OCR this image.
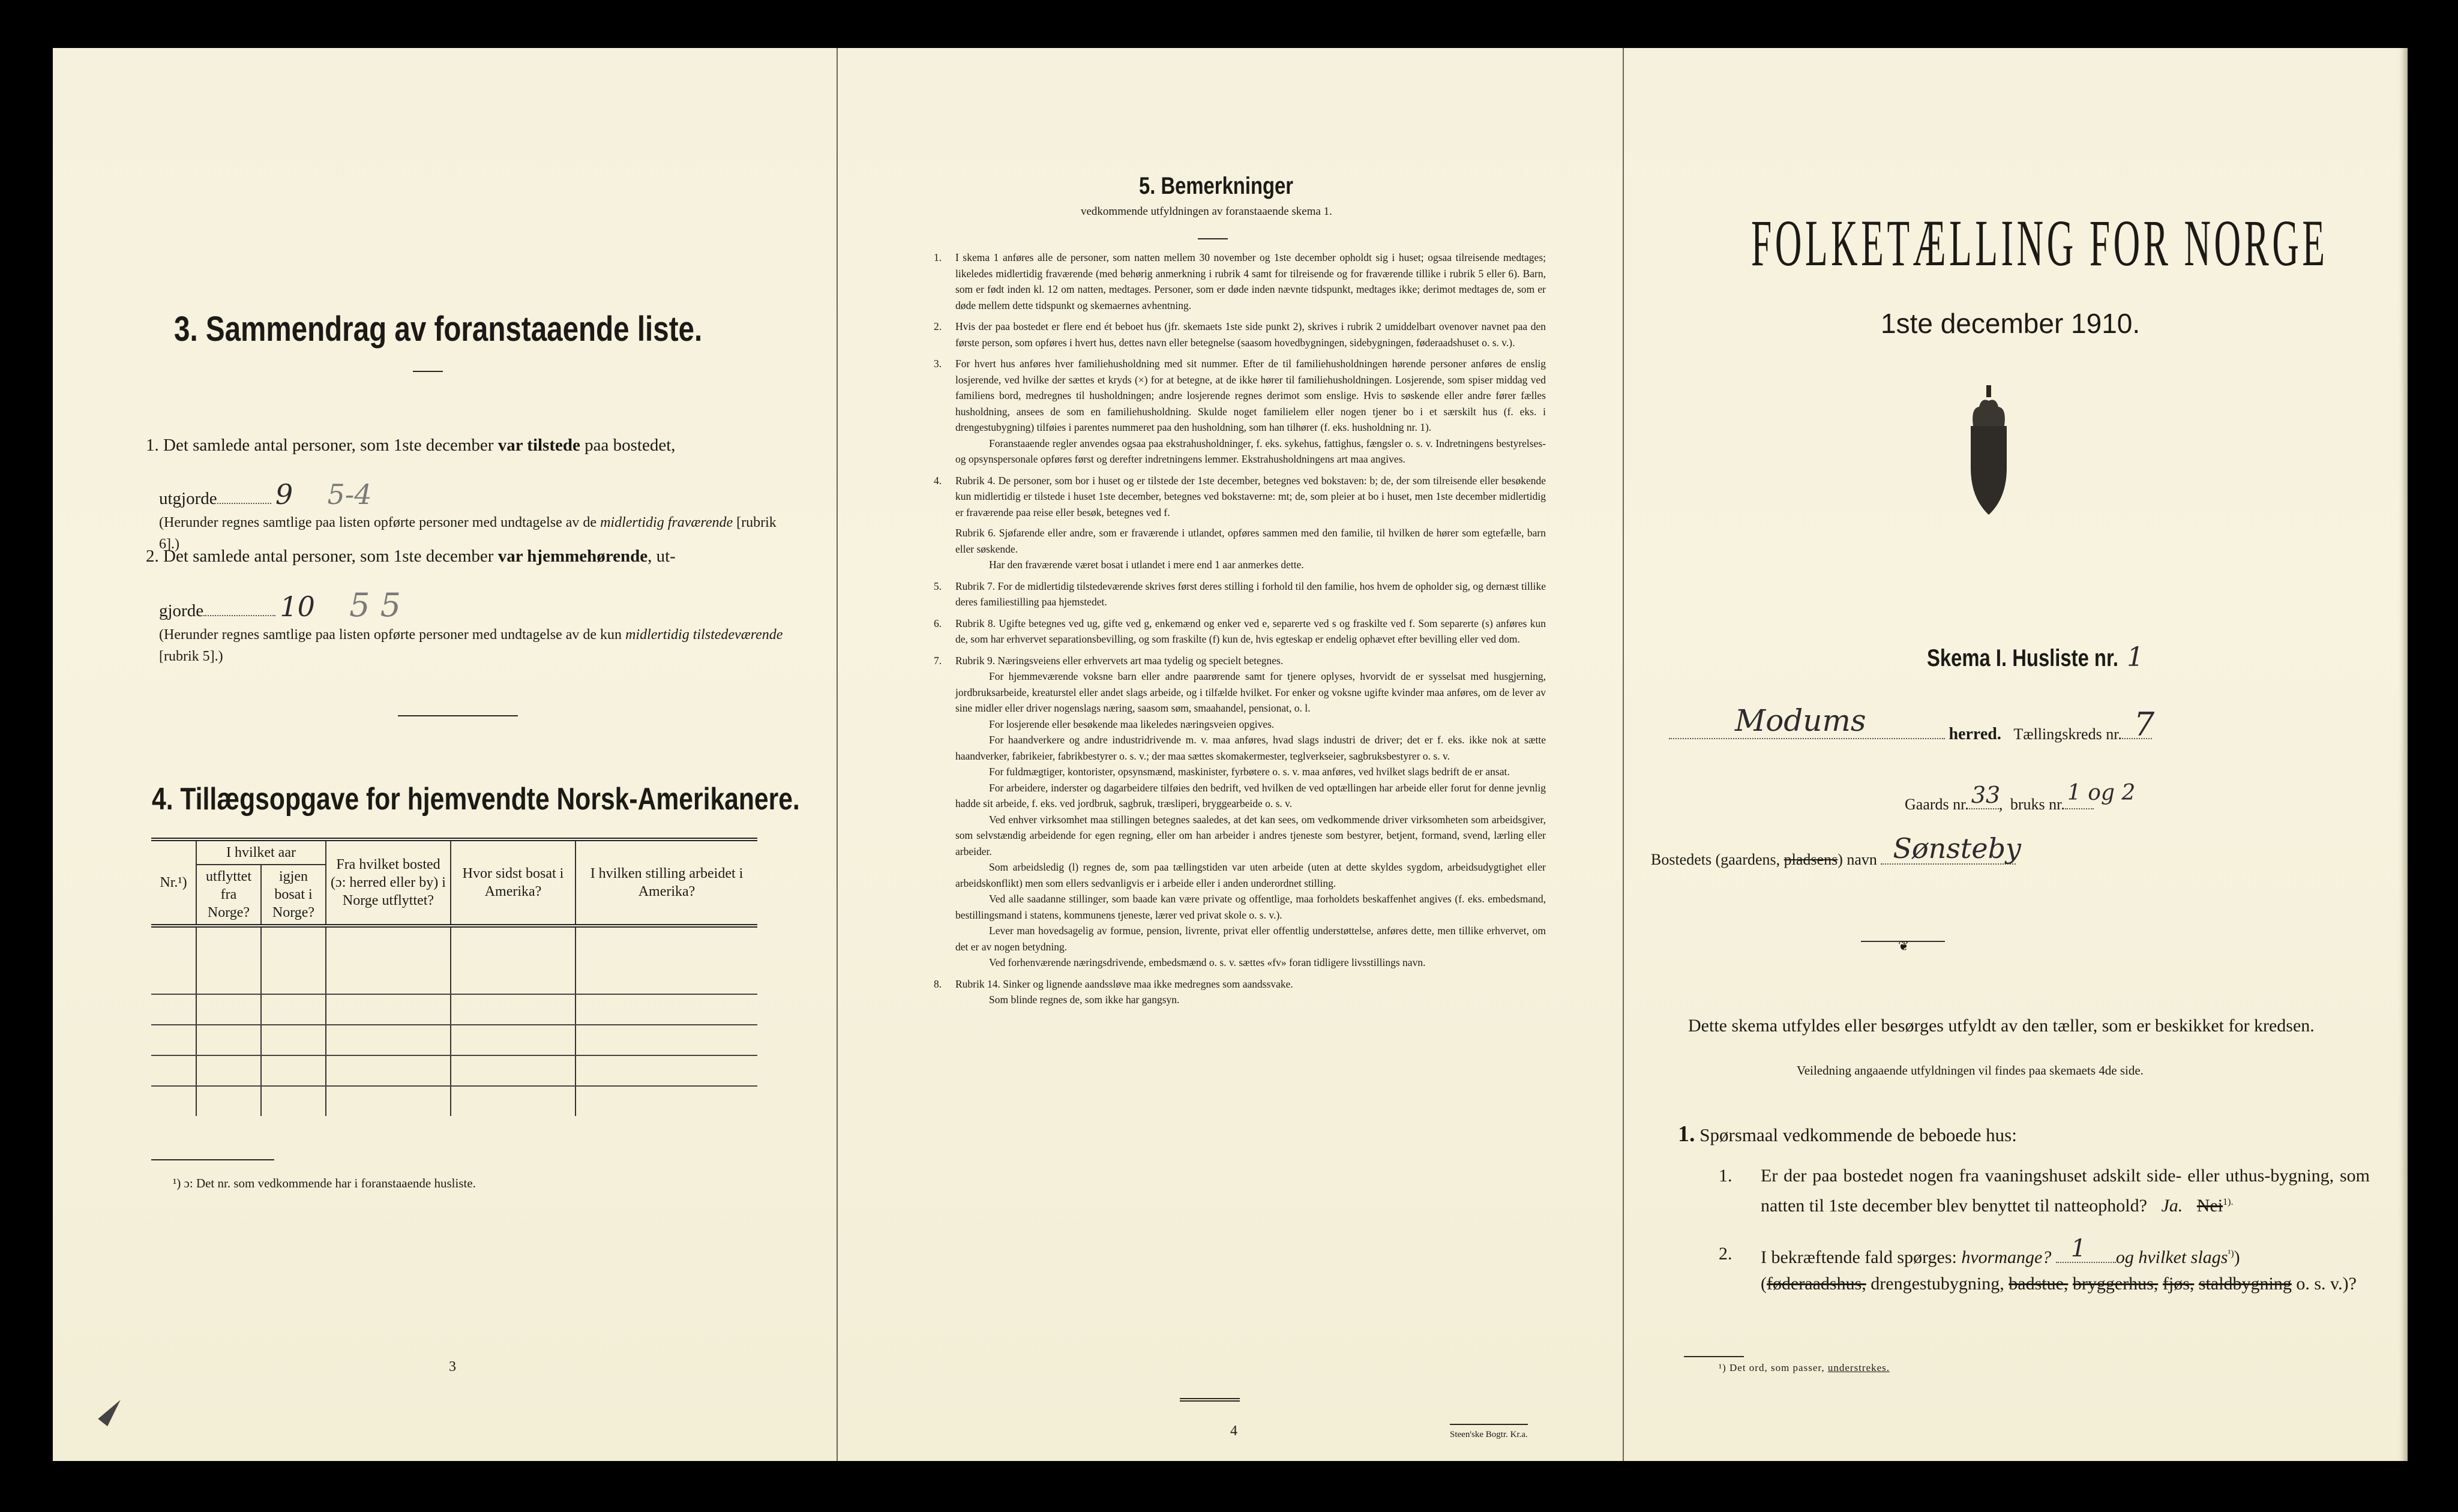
3. Sammendrag av foranstaaende liste.
1. Det samlede antal personer, som 1ste december var tilstede paa bostedet,
utgjorde 9 5-4
(Herunder regnes samtlige paa listen opførte personer med undtagelse av de midlertidig fraværende [rubrik 6].)
2. Det samlede antal personer, som 1ste december var hjemmehørende, ut-
gjorde	10 5 5
(Herunder regnes samtlige paa listen opførte personer med undtagelse av de kun midlertidig tilstedeværende [rubrik 5].)
4. Tillægsopgave for hjemvendte Norsk-Amerikanere.
Nr.¹)	I hvilket aar		Fra hvilket bosted (ɔ: herred eller by) i Norge utflyttet?	Hvor sidst bosat i Amerika?	I hvilken stilling arbeidet i Amerika?
	utflyttet fra Norge?	igjen bosat i Norge?			

¹) ɔ: Det nr. som vedkommende har i foranstaaende husliste.
3
5. Bemerkninger
vedkommende utfyldningen av foranstaaende skema 1.
1. I skema 1 anføres alle de personer, som natten mellem 30 november og 1ste december opholdt sig i huset; ogsaa tilreisende medtages; likeledes midlertidig fraværende (med behørig anmerkning i rubrik 4 samt for tilreisende og for fraværende tillike i rubrik 5 eller 6). Barn, som er født inden kl. 12 om natten, medtages. Personer, som er døde inden nævnte tidspunkt, medtages ikke; derimot medtages de, som er døde mellem dette tidspunkt og skemaernes avhentning.

2. Hvis der paa bostedet er flere end ét beboet hus (jfr. skemaets 1ste side punkt 2), skrives i rubrik 2 umiddelbart ovenover navnet paa den første person, som opføres i hvert hus, dettes navn eller betegnelse (saasom hovedbygningen, sidebygningen, føderaadshuset o. s. v.).

3. For hvert hus anføres hver familiehusholdning med sit nummer. Efter de til familiehusholdningen hørende personer anføres de enslig losjerende, ved hvilke der sættes et kryds (×) for at betegne, at de ikke hører til familiehusholdningen. Losjerende, som spiser middag ved familiens bord, medregnes til husholdningen; andre losjerende regnes derimot som enslige. Hvis to søskende eller andre fører fælles husholdning, ansees de som en familiehusholdning. Skulde noget familielem eller nogen tjener bo i et særskilt hus (f. eks. i drengestubygning) tilføies i parentes nummeret paa den husholdning, som han tilhører (f. eks. husholdning nr. 1).

Foranstaaende regler anvendes ogsaa paa ekstrahusholdninger, f. eks. sykehus, fattighus, fængsler o. s. v. Indretningens bestyrelses- og opsynspersonale opføres først og derefter indretningens lemmer. Ekstrahusholdningens art maa angives.

4. Rubrik 4. De personer, som bor i huset og er tilstede der 1ste december, betegnes ved bokstaven: b; de, der som tilreisende eller besøkende kun midlertidig er tilstede i huset 1ste december, betegnes ved bokstaverne: mt; de, som pleier at bo i huset, men 1ste december midlertidig er fraværende paa reise eller besøk, betegnes ved f.

Rubrik 6. Sjøfarende eller andre, som er fraværende i utlandet, opføres sammen med den familie, til hvilken de hører som egtefælle, barn eller søskende.

Har den fraværende været bosat i utlandet i mere end 1 aar anmerkes dette.

5. Rubrik 7. For de midlertidig tilstedeværende skrives først deres stilling i forhold til den familie, hos hvem de opholder sig, og dernæst tillike deres familiestilling paa hjemstedet.

6. Rubrik 8. Ugifte betegnes ved ug, gifte ved g, enkemænd og enker ved e, separerte ved s og fraskilte ved f. Som separerte (s) anføres kun de, som har erhvervet separationsbevilling, og som fraskilte (f) kun de, hvis egteskap er endelig ophævet efter bevilling eller ved dom.

7. Rubrik 9. Næringsveiens eller erhvervets art maa tydelig og specielt betegnes.

For hjemmeværende voksne barn eller andre paarørende samt for tjenere oplyses, hvorvidt de er sysselsat med husgjerning, jordbruksarbeide, kreaturstel eller andet slags arbeide, og i tilfælde hvilket. For enker og voksne ugifte kvinder maa anføres, om de lever av sine midler eller driver nogenslags næring, saasom søm, smaahandel, pensionat, o. l.

For losjerende eller besøkende maa likeledes næringsveien opgives.

For haandverkere og andre industridrivende m. v. maa anføres, hvad slags industri de driver; det er f. eks. ikke nok at sætte haandverker, fabrikeier, fabrikbestyrer o. s. v.; der maa sættes skomakermester, teglverkseier, sagbruksbestyrer o. s. v.

For fuldmægtiger, kontorister, opsynsmænd, maskinister, fyrbøtere o. s. v. maa anføres, ved hvilket slags bedrift de er ansat.

For arbeidere, inderster og dagarbeidere tilføies den bedrift, ved hvilken de ved optællingen har arbeide eller forut for denne jevnlig hadde sit arbeide, f. eks. ved jordbruk, sagbruk, træsliperi, bryggearbeide o. s. v.

Ved enhver virksomhet maa stillingen betegnes saaledes, at det kan sees, om vedkommende driver virksomheten som arbeidsgiver, som selvstændig arbeidende for egen regning, eller om han arbeider i andres tjeneste som bestyrer, betjent, formand, svend, lærling eller arbeider.

Som arbeidsledig (l) regnes de, som paa tællingstiden var uten arbeide (uten at dette skyldes sygdom, arbeidsudygtighet eller arbeidskonflikt) men som ellers sedvanligvis er i arbeide eller i anden underordnet stilling.

Ved alle saadanne stillinger, som baade kan være private og offentlige, maa forholdets beskaffenhet angives (f. eks. embedsmand, bestillingsmand i statens, kommunens tjeneste, lærer ved privat skole o. s. v.).

Lever man hovedsagelig av formue, pension, livrente, privat eller offentlig understøttelse, anføres dette, men tillike erhvervet, om det er av nogen betydning.

Ved forhenværende næringsdrivende, embedsmænd o. s. v. sættes «fv» foran tidligere livsstillings navn.

8. Rubrik 14. Sinker og lignende aandssløve maa ikke medregnes som aandssvake.

Som blinde regnes de, som ikke har gangsyn.

4	Steen'ske Bogtr. Kr.a.
FOLKETÆLLING FOR NORGE
1ste december 1910.
Skema I. Husliste nr. 1
Modums	herred. Tællingskreds nr. 7
Gaards nr. 33
, bruks nr. 1 og 2
Bostedets (gaardens, pladsens) navn Sønsteby
❦
Dette skema utfyldes eller besørges utfyldt av den tæller, som er beskikket for kredsen.
Veiledning angaaende utfyldningen vil findes paa skemaets 4de side.
1. Spørsmaal vedkommende de beboede hus:
1. Er der paa bostedet nogen fra vaaningshuset adskilt side- eller uthus-bygning, som natten til 1ste december blev benyttet til natteophold? Ja. Nei$^{1).}$
2. I bekræftende fald spørges: hvormange? 1 og hvilket slags$^{^1)}$)
(føderaadshus, drengestubygning, badstue, bryggerhus, fjøs, staldbygning o. s. v.)?
¹) Det ord, som passer, understrekes.
